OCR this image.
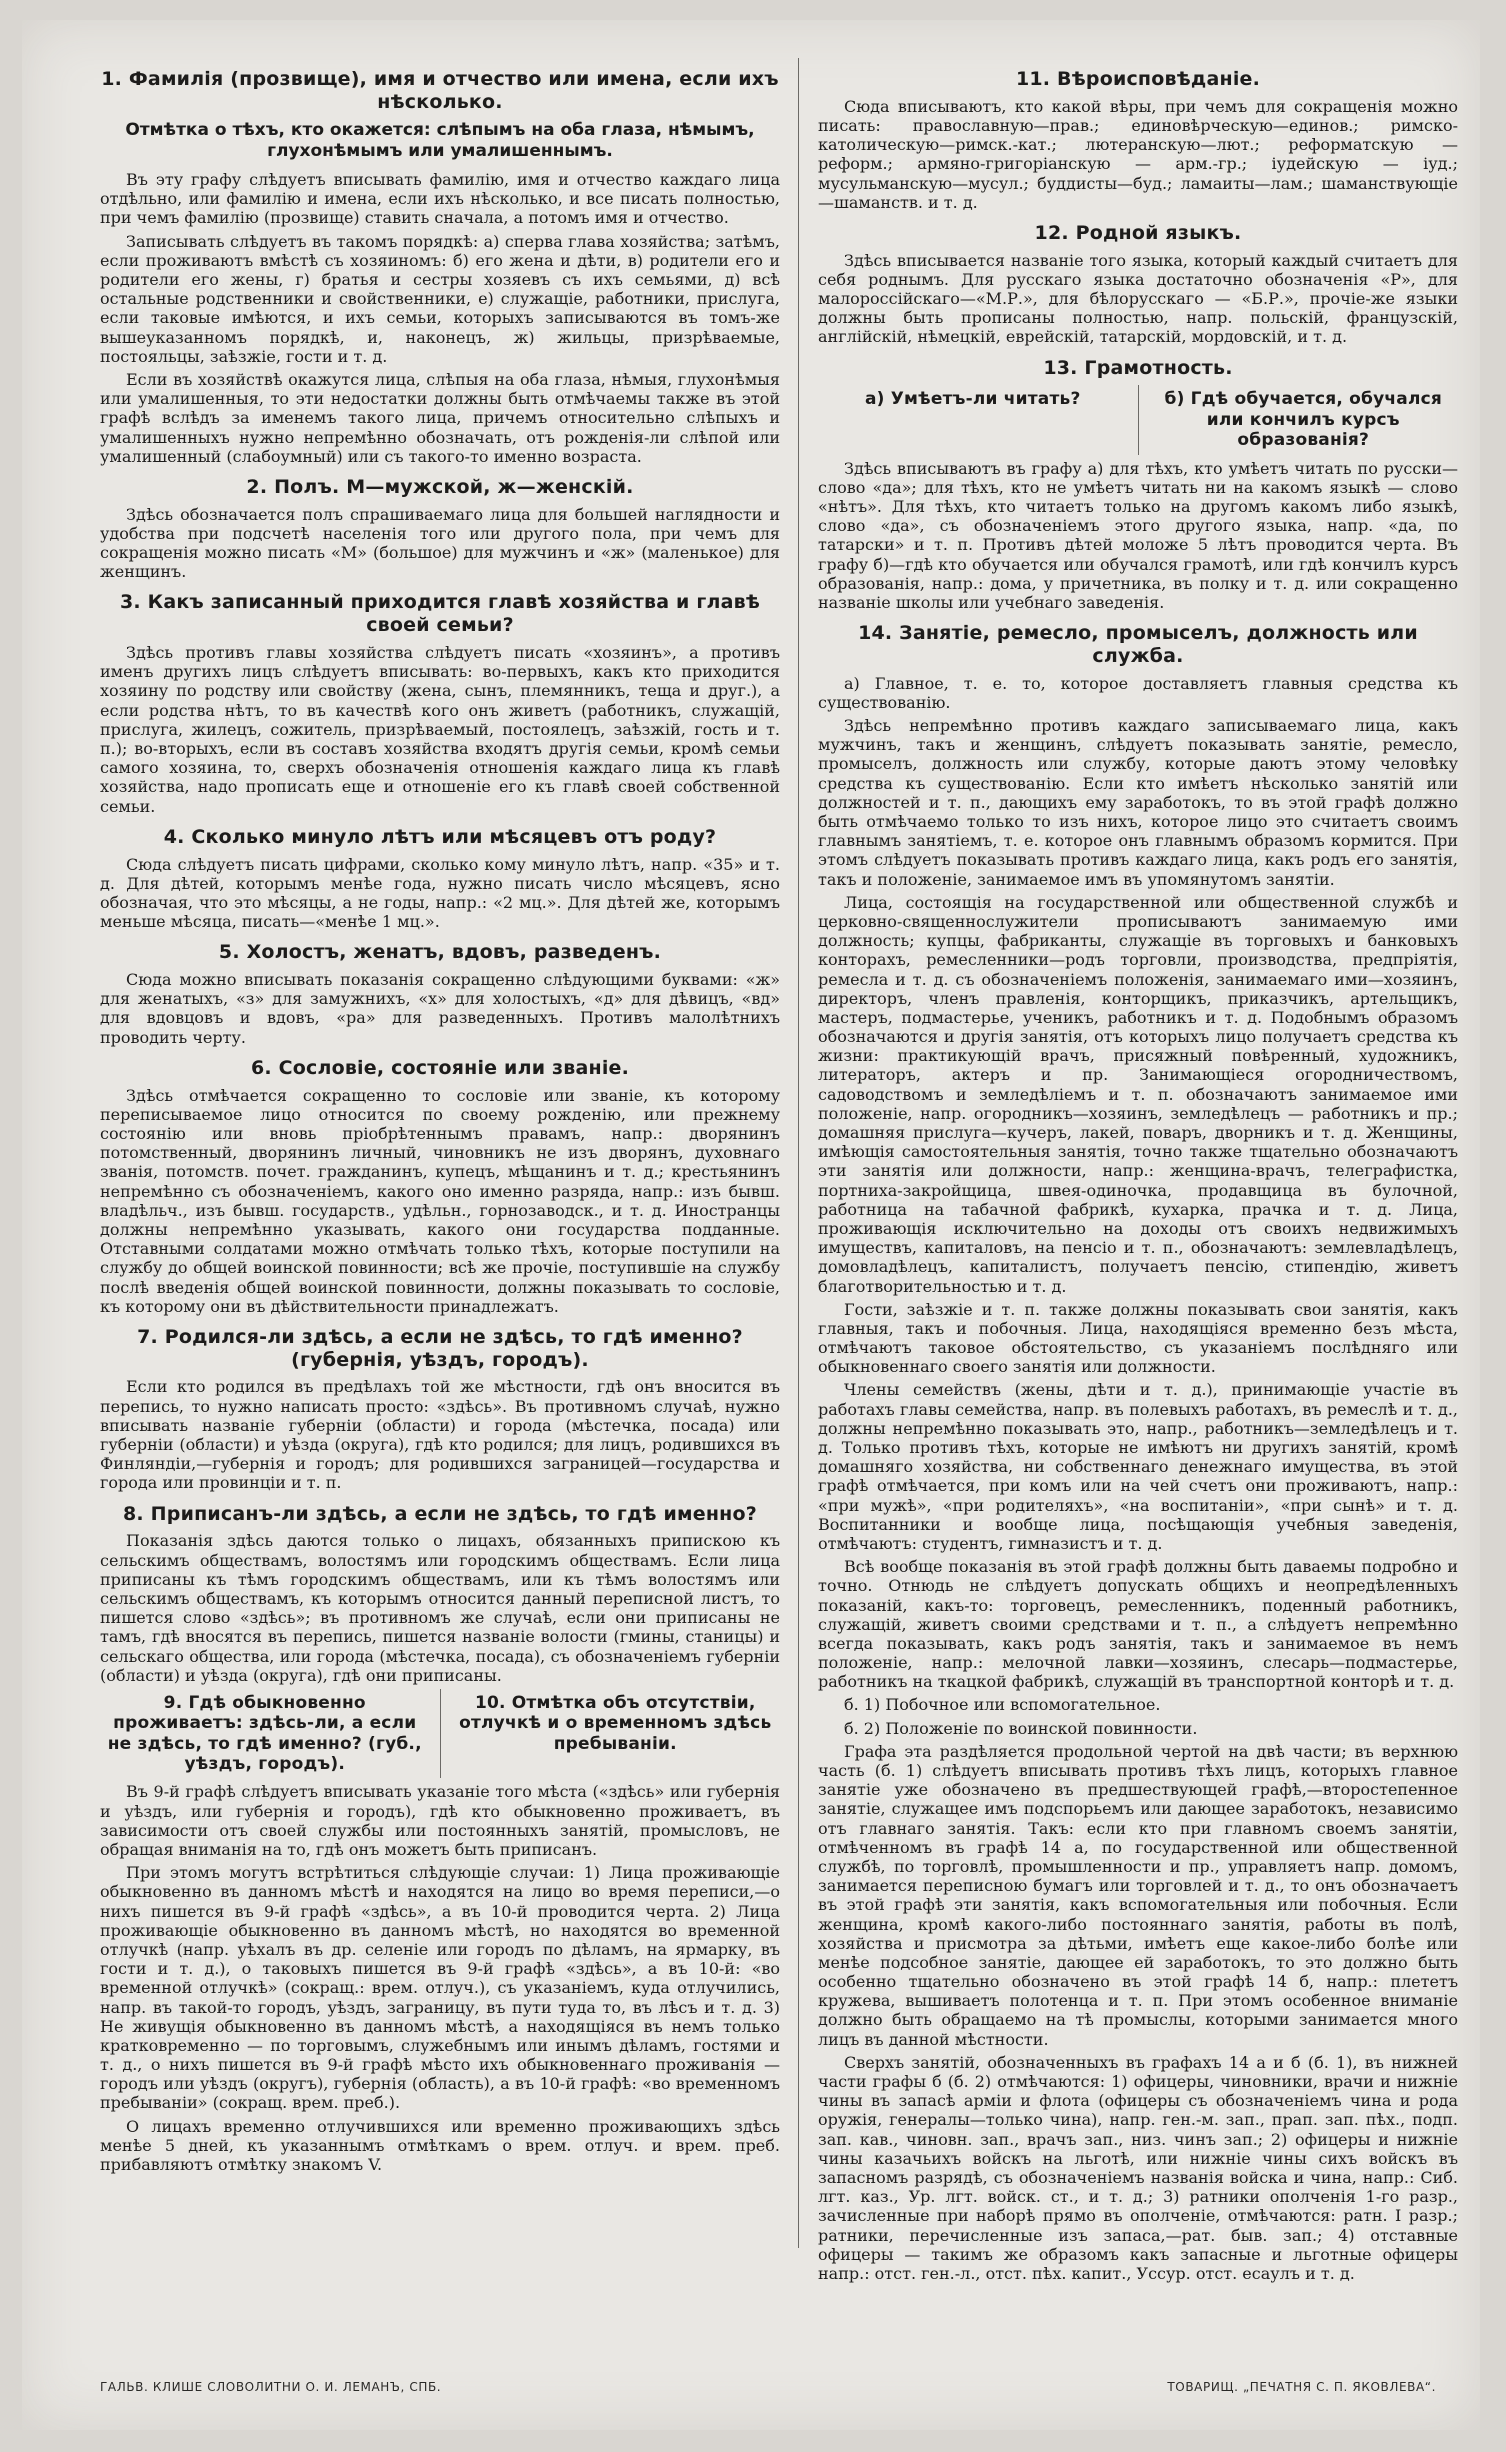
1. Фамилія (прозвище), имя и отчество или имена, если ихъ нѣсколько.
Отмѣтка о тѣхъ, кто окажется: слѣпымъ на оба глаза, нѣмымъ, глухонѣмымъ или умалишеннымъ.

Въ эту графу слѣдуетъ вписывать фамилію, имя и отчество каждаго лица отдѣльно, или фамилію и имена, если ихъ нѣсколько, и все писать полностью, при чемъ фамилію (прозвище) ставить сначала, а потомъ имя и отчество.

Записывать слѣдуетъ въ такомъ порядкѣ: а) сперва глава хозяйства; затѣмъ, если проживаютъ вмѣстѣ съ хозяиномъ: б) его жена и дѣти, в) родители его и родители его жены, г) братья и сестры хозяевъ съ ихъ семьями, д) всѣ остальные родственники и свойственники, е) служащіе, работники, прислуга, если таковые имѣются, и ихъ семьи, которыхъ записываются въ томъ-же вышеуказанномъ порядкѣ, и, наконецъ, ж) жильцы, призрѣваемые, постояльцы, заѣзжіе, гости и т. д.

Если въ хозяйствѣ окажутся лица, слѣпыя на оба глаза, нѣмыя, глухонѣмыя или умалишенныя, то эти недостатки должны быть отмѣчаемы также въ этой графѣ вслѣдъ за именемъ такого лица, причемъ относительно слѣпыхъ и умалишенныхъ нужно непремѣнно обозначать, отъ рожденія-ли слѣпой или умалишенный (слабоумный) или съ такого-то именно возраста.

2. Полъ. М—мужской, ж—женскій.

Здѣсь обозначается полъ спрашиваемаго лица для большей наглядности и удобства при подсчетѣ населенія того или другого пола, при чемъ для сокращенія можно писать «М» (большое) для мужчинъ и «ж» (маленькое) для женщинъ.

3. Какъ записанный приходится главѣ хозяйства и главѣ своей семьи?

Здѣсь противъ главы хозяйства слѣдуетъ писать «хозяинъ», а противъ именъ другихъ лицъ слѣдуетъ вписывать: во-первыхъ, какъ кто приходится хозяину по родству или свойству (жена, сынъ, племянникъ, теща и друг.), а если родства нѣтъ, то въ качествѣ кого онъ живетъ (работникъ, служащій, прислуга, жилецъ, сожитель, призрѣваемый, постоялецъ, заѣзжій, гость и т. п.); во-вторыхъ, если въ составъ хозяйства входятъ другія семьи, кромѣ семьи самого хозяина, то, сверхъ обозначенія отношенія каждаго лица къ главѣ хозяйства, надо прописать еще и отношеніе его къ главѣ своей собственной семьи.

4. Сколько минуло лѣтъ или мѣсяцевъ отъ роду?

Сюда слѣдуетъ писать цифрами, сколько кому минуло лѣтъ, напр. «35» и т. д. Для дѣтей, которымъ менѣе года, нужно писать число мѣсяцевъ, ясно обозначая, что это мѣсяцы, а не годы, напр.: «2 мц.». Для дѣтей же, которымъ меньше мѣсяца, писать—«менѣе 1 мц.».

5. Холостъ, женатъ, вдовъ, разведенъ.

Сюда можно вписывать показанія сокращенно слѣдующими буквами: «ж» для женатыхъ, «з» для замужнихъ, «х» для холостыхъ, «д» для дѣвицъ, «вд» для вдовцовъ и вдовъ, «ра» для разведенныхъ. Противъ малолѣтнихъ проводить черту.

6. Сословіе, состояніе или званіе.

Здѣсь отмѣчается сокращенно то сословіе или званіе, къ которому переписываемое лицо относится по своему рожденію, или прежнему состоянію или вновь пріобрѣтеннымъ правамъ, напр.: дворянинъ потомственный, дворянинъ личный, чиновникъ не изъ дворянъ, духовнаго званія, потомств. почет. гражданинъ, купецъ, мѣщанинъ и т. д.; крестьянинъ непремѣнно съ обозначеніемъ, какого оно именно разряда, напр.: изъ бывш. владѣльч., изъ бывш. государств., удѣльн., горнозаводск., и т. д. Иностранцы должны непремѣнно указывать, какого они государства подданные. Отставными солдатами можно отмѣчать только тѣхъ, которые поступили на службу до общей воинской повинности; всѣ же прочіе, поступившіе на службу послѣ введенія общей воинской повинности, должны показывать то сословіе, къ которому они въ дѣйствительности принадлежатъ.

7. Родился-ли здѣсь, а если не здѣсь, то гдѣ именно? (губернія, уѣздъ, городъ).

Если кто родился въ предѣлахъ той же мѣстности, гдѣ онъ вносится въ перепись, то нужно написать просто: «здѣсь». Въ противномъ случаѣ, нужно вписывать названіе губерніи (области) и города (мѣстечка, посада) или губерніи (области) и уѣзда (округа), гдѣ кто родился; для лицъ, родившихся въ Финляндіи,—губернія и городъ; для родившихся заграницей—государства и города или провинціи и т. п.

8. Приписанъ-ли здѣсь, а если не здѣсь, то гдѣ именно?

Показанія здѣсь даются только о лицахъ, обязанныхъ припискою къ сельскимъ обществамъ, волостямъ или городскимъ обществамъ. Если лица приписаны къ тѣмъ городскимъ обществамъ, или къ тѣмъ волостямъ или сельскимъ обществамъ, къ которымъ относится данный переписной листъ, то пишется слово «здѣсь»; въ противномъ же случаѣ, если они приписаны не тамъ, гдѣ вносятся въ перепись, пишется названіе волости (гмины, станицы) и сельскаго общества, или города (мѣстечка, посада), съ обозначеніемъ губерніи (области) и уѣзда (округа), гдѣ они приписаны.

9. Гдѣ обыкновенно проживаетъ: здѣсь-ли, а если не здѣсь, то гдѣ именно? (губ., уѣздъ, городъ).
10. Отмѣтка объ отсутствіи, отлучкѣ и о временномъ здѣсь пребываніи.

Въ 9-й графѣ слѣдуетъ вписывать указаніе того мѣста («здѣсь» или губернія и уѣздъ, или губернія и городъ), гдѣ кто обыкновенно проживаетъ, въ зависимости отъ своей службы или постоянныхъ занятій, промысловъ, не обращая вниманія на то, гдѣ онъ можетъ быть приписанъ.

При этомъ могутъ встрѣтиться слѣдующіе случаи: 1) Лица проживающіе обыкновенно въ данномъ мѣстѣ и находятся на лицо во время переписи,—о нихъ пишется въ 9-й графѣ «здѣсь», а въ 10-й проводится черта. 2) Лица проживающіе обыкновенно въ данномъ мѣстѣ, но находятся во временной отлучкѣ (напр. уѣхалъ въ др. селеніе или городъ по дѣламъ, на ярмарку, въ гости и т. д.), о таковыхъ пишется въ 9-й графѣ «здѣсь», а въ 10-й: «во временной отлучкѣ» (сокращ.: врем. отлуч.), съ указаніемъ, куда отлучились, напр. въ такой-то городъ, уѣздъ, заграницу, въ пути туда то, въ лѣсъ и т. д. 3) Не живущія обыкновенно въ данномъ мѣстѣ, а находящіяся въ немъ только кратковременно — по торговымъ, служебнымъ или инымъ дѣламъ, гостями и т. д., о нихъ пишется въ 9-й графѣ мѣсто ихъ обыкновеннаго проживанія — городъ или уѣздъ (округъ), губернія (область), а въ 10-й графѣ: «во временномъ пребываніи» (сокращ. врем. преб.).

О лицахъ временно отлучившихся или временно проживающихъ здѣсь менѣе 5 дней, къ указаннымъ отмѣткамъ о врем. отлуч. и врем. преб. прибавляютъ отмѣтку знакомъ V.

11. Вѣроисповѣданіе.

Сюда вписываютъ, кто какой вѣры, при чемъ для сокращенія можно писать: православную—прав.; единовѣрческую—единов.; римско-католическую—римск.-кат.; лютеранскую—лют.; реформатскую — реформ.; армяно-григоріанскую — арм.-гр.; іудейскую — іуд.; мусульманскую—мусул.; буддисты—буд.; ламаиты—лам.; шаманствующіе—шаманств. и т. д.

12. Родной языкъ.

Здѣсь вписывается названіе того языка, который каждый считаетъ для себя роднымъ. Для русскаго языка достаточно обозначенія «Р», для малороссійскаго—«М.Р.», для бѣлорусскаго — «Б.Р.», прочіе-же языки должны быть прописаны полностью, напр. польскій, французскій, англійскій, нѣмецкій, еврейскій, татарскій, мордовскій, и т. д.

13. Грамотность.
а) Умѣетъ-ли читать?	б) Гдѣ обучается, обучался или кончилъ курсъ образованія?

Здѣсь вписываютъ въ графу а) для тѣхъ, кто умѣетъ читать по русски—слово «да»; для тѣхъ, кто не умѣетъ читать ни на какомъ языкѣ — слово «нѣтъ». Для тѣхъ, кто читаетъ только на другомъ какомъ либо языкѣ, слово «да», съ обозначеніемъ этого другого языка, напр. «да, по татарски» и т. п. Противъ дѣтей моложе 5 лѣтъ проводится черта. Въ графу б)—гдѣ кто обучается или обучался грамотѣ, или гдѣ кончилъ курсъ образованія, напр.: дома, у причетника, въ полку и т. д. или сокращенно названіе школы или учебнаго заведенія.

14. Занятіе, ремесло, промыселъ, должность или служба.

а) Главное, т. е. то, которое доставляетъ главныя средства къ существованію.

Здѣсь непремѣнно противъ каждаго записываемаго лица, какъ мужчинъ, такъ и женщинъ, слѣдуетъ показывать занятіе, ремесло, промыселъ, должность или службу, которые даютъ этому человѣку средства къ существованію. Если кто имѣетъ нѣсколько занятій или должностей и т. п., дающихъ ему заработокъ, то въ этой графѣ должно быть отмѣчаемо только то изъ нихъ, которое лицо это считаетъ своимъ главнымъ занятіемъ, т. е. которое онъ главнымъ образомъ кормится. При этомъ слѣдуетъ показывать противъ каждаго лица, какъ родъ его занятія, такъ и положеніе, занимаемое имъ въ упомянутомъ занятіи.

Лица, состоящія на государственной или общественной службѣ и церковно-священнослужители прописываютъ занимаемую ими должность; купцы, фабриканты, служащіе въ торговыхъ и банковыхъ конторахъ, ремесленники—родъ торговли, производства, предпріятія, ремесла и т. д. съ обозначеніемъ положенія, занимаемаго ими—хозяинъ, директоръ, членъ правленія, конторщикъ, приказчикъ, артельщикъ, мастеръ, подмастерье, ученикъ, работникъ и т. д. Подобнымъ образомъ обозначаются и другія занятія, отъ которыхъ лицо получаетъ средства къ жизни: практикующій врачъ, присяжный повѣренный, художникъ, литераторъ, актеръ и пр. Занимающіеся огородничествомъ, садоводствомъ и земледѣліемъ и т. п. обозначаютъ занимаемое ими положеніе, напр. огородникъ—хозяинъ, земледѣлецъ — работникъ и пр.; домашняя прислуга—кучеръ, лакей, поваръ, дворникъ и т. д. Женщины, имѣющія самостоятельныя занятія, точно также тщательно обозначаютъ эти занятія или должности, напр.: женщина-врачъ, телеграфистка, портниха-закройщица, швея-одиночка, продавщица въ булочной, работница на табачной фабрикѣ, кухарка, прачка и т. д. Лица, проживающія исключительно на доходы отъ своихъ недвижимыхъ имуществъ, капиталовъ, на пенсіо и т. п., обозначаютъ: землевладѣлецъ, домовладѣлецъ, капиталистъ, получаетъ пенсію, стипендію, живетъ благотворительностью и т. д.

Гости, заѣзжіе и т. п. также должны показывать свои занятія, какъ главныя, такъ и побочныя. Лица, находящіяся временно безъ мѣста, отмѣчаютъ таковое обстоятельство, съ указаніемъ послѣдняго или обыкновеннаго своего занятія или должности.

Члены семействъ (жены, дѣти и т. д.), принимающіе участіе въ работахъ главы семейства, напр. въ полевыхъ работахъ, въ ремеслѣ и т. д., должны непремѣнно показывать это, напр., работникъ—земледѣлецъ и т. д. Только противъ тѣхъ, которые не имѣютъ ни другихъ занятій, кромѣ домашняго хозяйства, ни собственнаго денежнаго имущества, въ этой графѣ отмѣчается, при комъ или на чей счетъ они проживаютъ, напр.: «при мужѣ», «при родителяхъ», «на воспитаніи», «при сынѣ» и т. д. Воспитанники и вообще лица, посѣщающія учебныя заведенія, отмѣчаютъ: студентъ, гимназистъ и т. д.

Всѣ вообще показанія въ этой графѣ должны быть даваемы подробно и точно. Отнюдь не слѣдуетъ допускать общихъ и неопредѣленныхъ показаній, какъ-то: торговецъ, ремесленникъ, поденный работникъ, служащій, живетъ своими средствами и т. п., а слѣдуетъ непремѣнно всегда показывать, какъ родъ занятія, такъ и занимаемое въ немъ положеніе, напр.: мелочной лавки—хозяинъ, слесарь—подмастерье, работникъ на ткацкой фабрикѣ, служащій въ транспортной конторѣ и т. д.

б. 1) Побочное или вспомогательное.

б. 2) Положеніе по воинской повинности.

Графа эта раздѣляется продольной чертой на двѣ части; въ верхнюю часть (б. 1) слѣдуетъ вписывать противъ тѣхъ лицъ, которыхъ главное занятіе уже обозначено въ предшествующей графѣ,—второстепенное занятіе, служащее имъ подспорьемъ или дающее заработокъ, независимо отъ главнаго занятія. Такъ: если кто при главномъ своемъ занятіи, отмѣченномъ въ графѣ 14 а, по государственной или общественной службѣ, по торговлѣ, промышленности и пр., управляетъ напр. домомъ, занимается переписною бумагъ или торговлей и т. д., то онъ обозначаетъ въ этой графѣ эти занятія, какъ вспомогательныя или побочныя. Если женщина, кромѣ какого-либо постояннаго занятія, работы въ полѣ, хозяйства и присмотра за дѣтьми, имѣетъ еще какое-либо болѣе или менѣе подсобное занятіе, дающее ей заработокъ, то это должно быть особенно тщательно обозначено въ этой графѣ 14 б, напр.: плететъ кружева, вышиваетъ полотенца и т. п. При этомъ особенное вниманіе должно быть обращаемо на тѣ промыслы, которыми занимается много лицъ въ данной мѣстности.

Сверхъ занятій, обозначенныхъ въ графахъ 14 а и б (б. 1), въ нижней части графы б (б. 2) отмѣчаются: 1) офицеры, чиновники, врачи и нижніе чины въ запасѣ арміи и флота (офицеры съ обозначеніемъ чина и рода оружія, генералы—только чина), напр. ген.-м. зап., прап. зап. пѣх., подп. зап. кав., чиновн. зап., врачъ зап., низ. чинъ зап.; 2) офицеры и нижніе чины казачьихъ войскъ на льготѣ, или нижніе чины сихъ войскъ въ запасномъ разрядѣ, съ обозначеніемъ названія войска и чина, напр.: Сиб. лгт. каз., Ур. лгт. войск. ст., и т. д.; 3) ратники ополченія 1-го разр., зачисленные при наборѣ прямо въ ополченіе, отмѣчаются: ратн. I разр.; ратники, перечисленные изъ запаса,—рат. быв. зап.; 4) отставные офицеры — такимъ же образомъ какъ запасные и льготные офицеры напр.: отст. ген.-л., отст. пѣх. капит., Уссур. отст. есаулъ и т. д.

ГАЛЬВ. КЛИШЕ СЛОВОЛИТНИ О. И. ЛЕМАНЪ, СПБ.	ТОВАРИЩ. „ПЕЧАТНЯ С. П. ЯКОВЛЕВА“.
